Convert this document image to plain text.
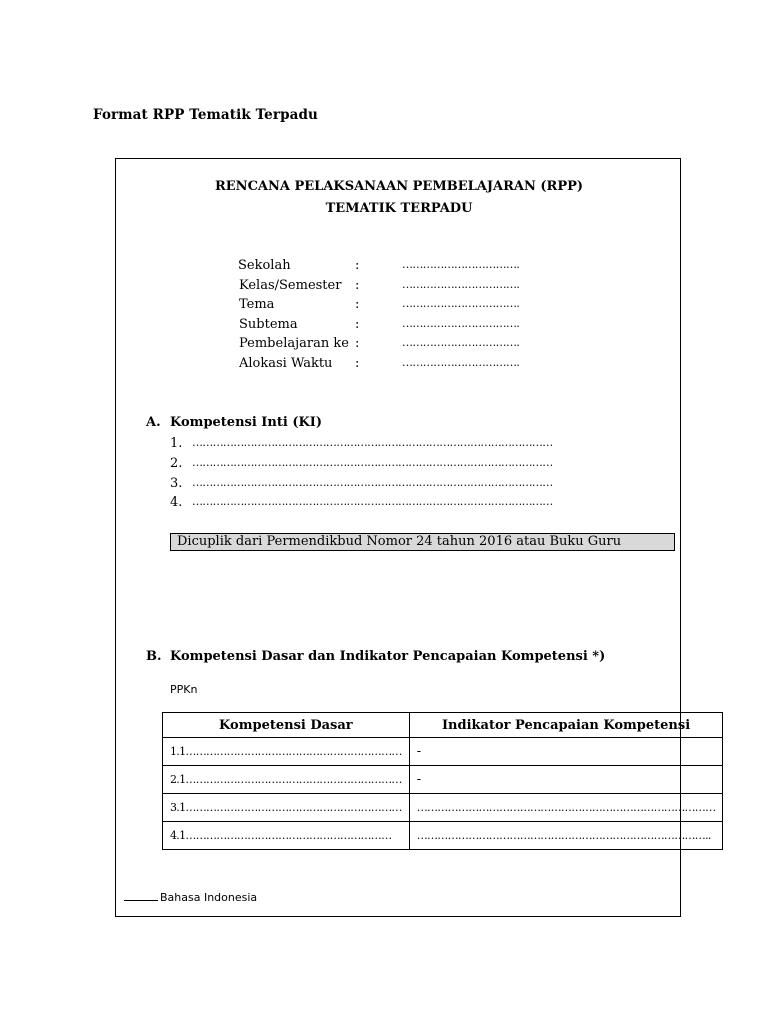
Format RPP Tematik Terpadu
RENCANA PELAKSANAAN PEMBELAJARAN (RPP)
TEMATIK TERPADU
Sekolah	:	…………………………….
Kelas/Semester :	…………………………….
Tema	:	…………………………….
Subtema	:	…………………………….
Pembelajaran ke :	…………………………….
Alokasi Waktu :	…………………………….
A. Kompetensi Inti (KI)
1. ……………………………………………………………………………………………
2. ……………………………………………………………………………………………
3. ……………………………………………………………………………………………
4. ……………………………………………………………………………………………
Dicuplik dari Permendikbud Nomor 24 tahun 2016 atau Buku Guru
B. Kompetensi Dasar dan Indikator Pencapaian Kompetensi *)
PPKn
Kompetensi Dasar	Indikator Pencapaian Kompetensi
1.1………………………………………………………	-
2.1………………………………………………………	-
3.1………………………………………………………	……………………………………………………………………………
4.1……………………………………………………	…………………………………………………………………………..
Bahasa Indonesia
